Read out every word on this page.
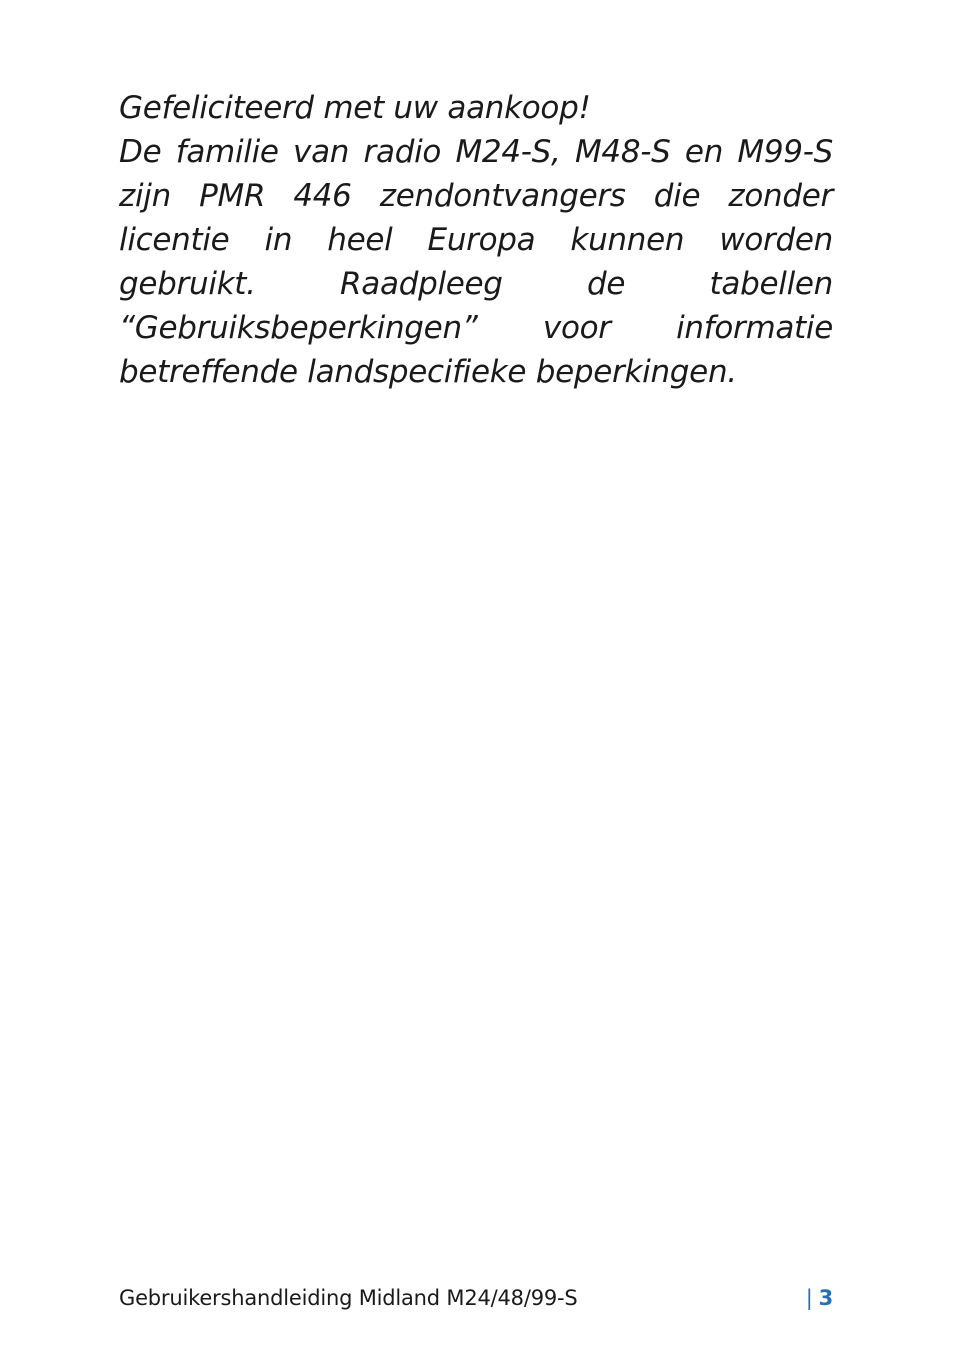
Gefeliciteerd met uw aankoop!

De familie van radio M24-S, M48-S en M99-S zijn PMR 446 zendontvangers die zonder licentie in heel Europa kunnen worden gebruikt. Raadpleeg de tabellen “Gebruiksbeperkingen” voor informatie betreffende landspecifieke beperkingen.

Gebruikershandleiding Midland M24/48/99-S	| 3
